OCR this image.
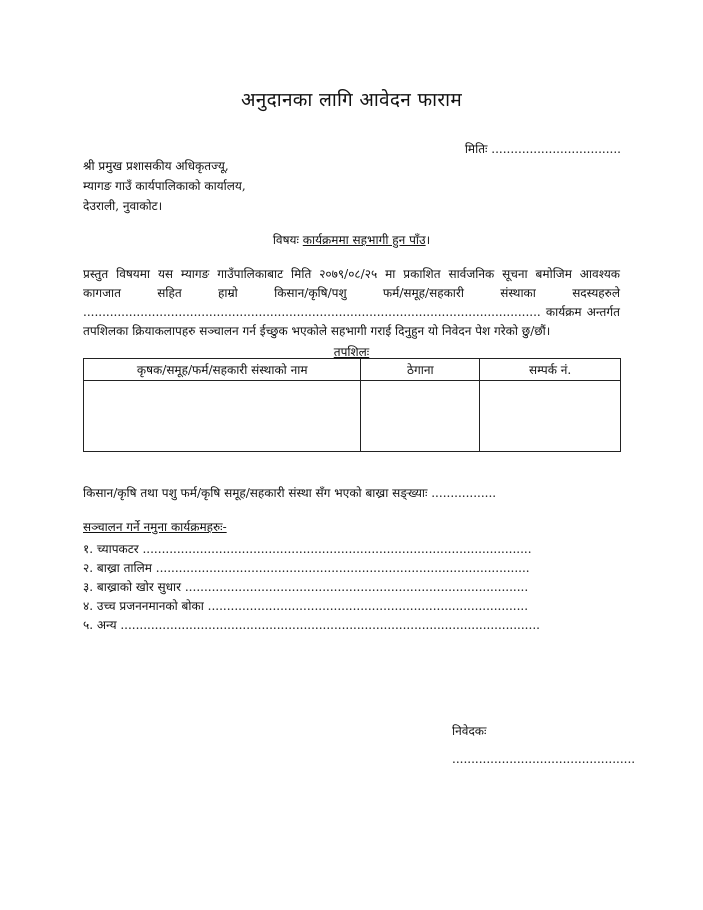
अनुदानका लागि आवेदन फाराम
मितिः ..................................
श्री प्रमुख प्रशासकीय अधिकृतज्यू,
म्यागङ गाउँ कार्यपालिकाको कार्यालय,
देउराली, नुवाकोट।
विषयः कार्यक्रममा सहभागी हुन पाँउ।
प्रस्तुत विषयमा यस म्यागङ गाउँपालिकाबाट मिति २०७९/०८/२५ मा प्रकाशित सार्वजनिक सूचना बमोजिम आवश्यक
कागजात सहित हाम्रो किसान/कृषि/पशु फर्म/समूह/सहकारी संस्थाका सदस्यहरुले
........................................................................................................................ कार्यक्रम अन्तर्गत
तपशिलका क्रियाकलापहरु सञ्चालन गर्न ईच्छुक भएकोले सहभागी गराई दिनुहुन यो निवेदन पेश गरेको छु/छौं।
तपशिलः
कृषक/समूह/फर्म/सहकारी संस्थाको नाम	ठेगाना	सम्पर्क नं.

किसान/कृषि तथा पशु फर्म/कृषि समूह/सहकारी संस्था सँग भएको बाख्रा सङ्ख्याः .................
सञ्चालन गर्ने नमुना कार्यक्रमहरुः-
१. च्यापकटर ......................................................................................................
२. बाख्रा तालिम ..................................................................................................
३. बाख्राको खोर सुधार ..........................................................................................
४. उच्च प्रजननमानको बोका ....................................................................................
५. अन्य ..............................................................................................................
निवेदकः
................................................
